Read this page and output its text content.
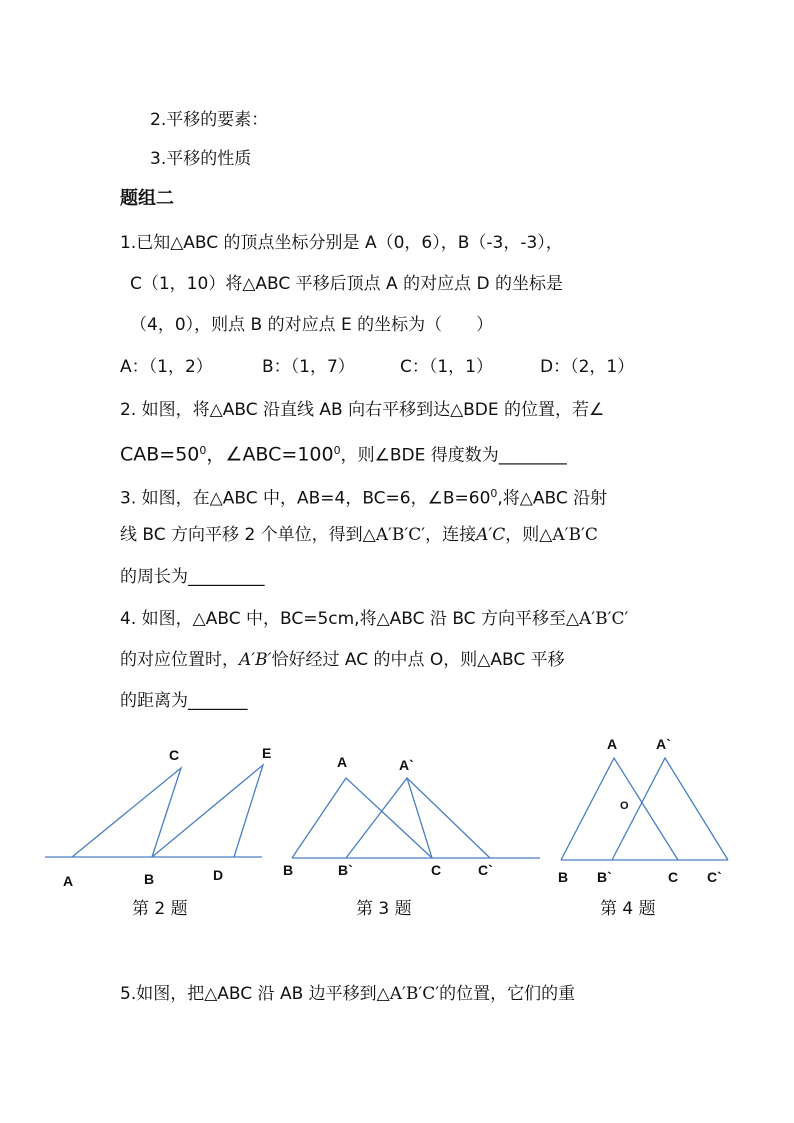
2.平移的要素：
3.平移的性质
题组二
1.已知△ABC 的顶点坐标分别是 A（0，6），B（-3，-3），
C（1，10）将△ABC 平移后顶点 A 的对应点 D 的坐标是
（4，0），则点 B 的对应点 E 的坐标为（　　）
A：（1，2）	B：（1，7）	C：（1，1）	D：（2，1）
2. 如图，将△ABC 沿直线 AB 向右平移到达△BDE 的位置，若∠
$CAB=50^0$，$\angle ABC=100^0$，则∠BDE 得度数为________
3. 如图，在△ABC 中，AB=4，BC=6，$\angle B=60^0$,将△ABC 沿射
线 BC 方向平移 2 个单位，得到△A′B′C′，连接A′C，则△A′B′C
的周长为_________
4. 如图，△ABC 中，BC=5cm,将△ABC 沿 BC 方向平移至△A′B′C′
的对应位置时，A′B′恰好经过 AC 的中点 O，则△ABC 平移
的距离为_______
C	E
A	B	D
A	A`
B	B`	C	C`
A	A`
O
B B`	C C`
第 2 题	第 3 题	第 4 题
5.如图，把△ABC 沿 AB 边平移到△A′B′C′的位置，它们的重
